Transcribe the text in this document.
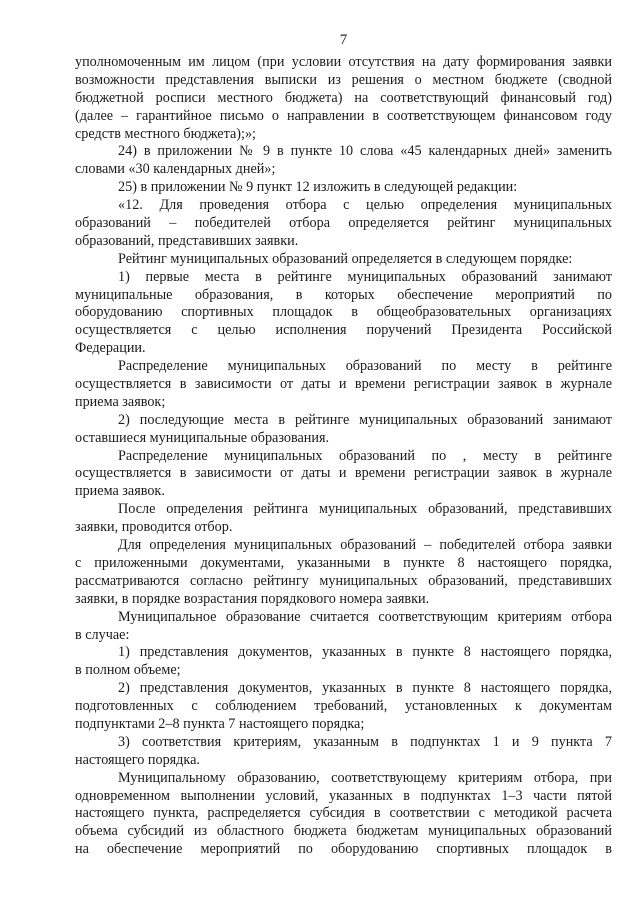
7
уполномоченным им лицом (при условии отсутствия на дату формирования заявки
возможности представления выписки из решения о местном бюджете (сводной
бюджетной росписи местного бюджета) на соответствующий финансовый год)
(далее – гарантийное письмо о направлении в соответствующем финансовом году
средств местного бюджета);»;
24) в приложении № 9 в пункте 10 слова «45 календарных дней» заменить
словами «30 календарных дней»;
25) в приложении № 9 пункт 12 изложить в следующей редакции:
«12. Для проведения отбора с целью определения муниципальных
образований – победителей отбора определяется рейтинг муниципальных
образований, представивших заявки.
Рейтинг муниципальных образований определяется в следующем порядке:
1) первые места в рейтинге муниципальных образований занимают
муниципальные образования, в которых обеспечение мероприятий по
оборудованию спортивных площадок в общеобразовательных организациях
осуществляется с целью исполнения поручений Президента Российской
Федерации.
Распределение муниципальных образований по месту в рейтинге
осуществляется в зависимости от даты и времени регистрации заявок в журнале
приема заявок;
2) последующие места в рейтинге муниципальных образований занимают
оставшиеся муниципальные образования.
Распределение муниципальных образований по , месту в рейтинге
осуществляется в зависимости от даты и времени регистрации заявок в журнале
приема заявок.
После определения рейтинга муниципальных образований, представивших
заявки, проводится отбор.
Для определения муниципальных образований – победителей отбора заявки
с приложенными документами, указанными в пункте 8 настоящего порядка,
рассматриваются согласно рейтингу муниципальных образований, представивших
заявки, в порядке возрастания порядкового номера заявки.
Муниципальное образование считается соответствующим критериям отбора
в случае:
1) представления документов, указанных в пункте 8 настоящего порядка,
в полном объеме;
2) представления документов, указанных в пункте 8 настоящего порядка,
подготовленных с соблюдением требований, установленных к документам
подпунктами 2–8 пункта 7 настоящего порядка;
3) соответствия критериям, указанным в подпунктах 1 и 9 пункта 7
настоящего порядка.
Муниципальному образованию, соответствующему критериям отбора, при
одновременном выполнении условий, указанных в подпунктах 1–3 части пятой
настоящего пункта, распределяется субсидия в соответствии с методикой расчета
объема субсидий из областного бюджета бюджетам муниципальных образований
на обеспечение мероприятий по оборудованию спортивных площадок в
